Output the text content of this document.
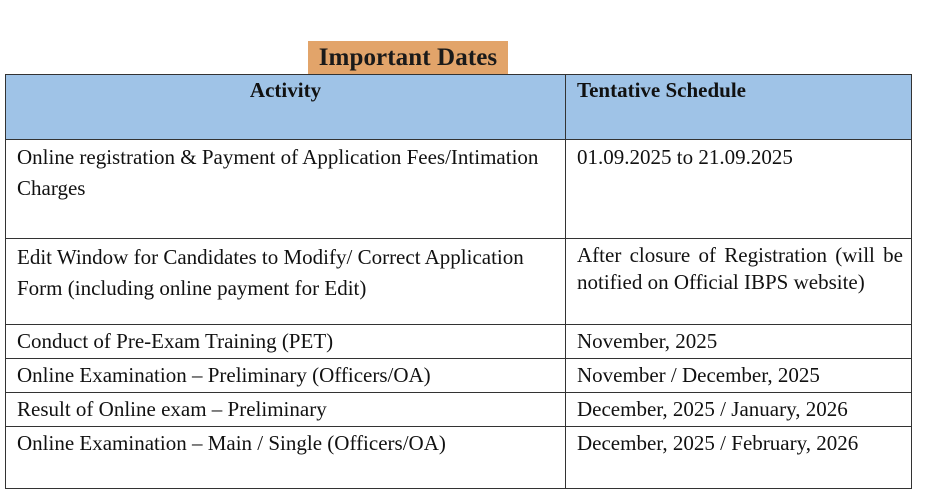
Important Dates
Activity	Tentative Schedule
Online registration & Payment of Application Fees/Intimation Charges	01.09.2025 to 21.09.2025
Edit Window for Candidates to Modify/ Correct Application Form (including online payment for Edit)	After closure of Registration (will be notified on Official IBPS website)
Conduct of Pre-Exam Training (PET)	November, 2025
Online Examination – Preliminary (Officers/OA)	November / December, 2025
Result of Online exam – Preliminary	December, 2025 / January, 2026
Online Examination – Main / Single (Officers/OA)	December, 2025 / February, 2026
